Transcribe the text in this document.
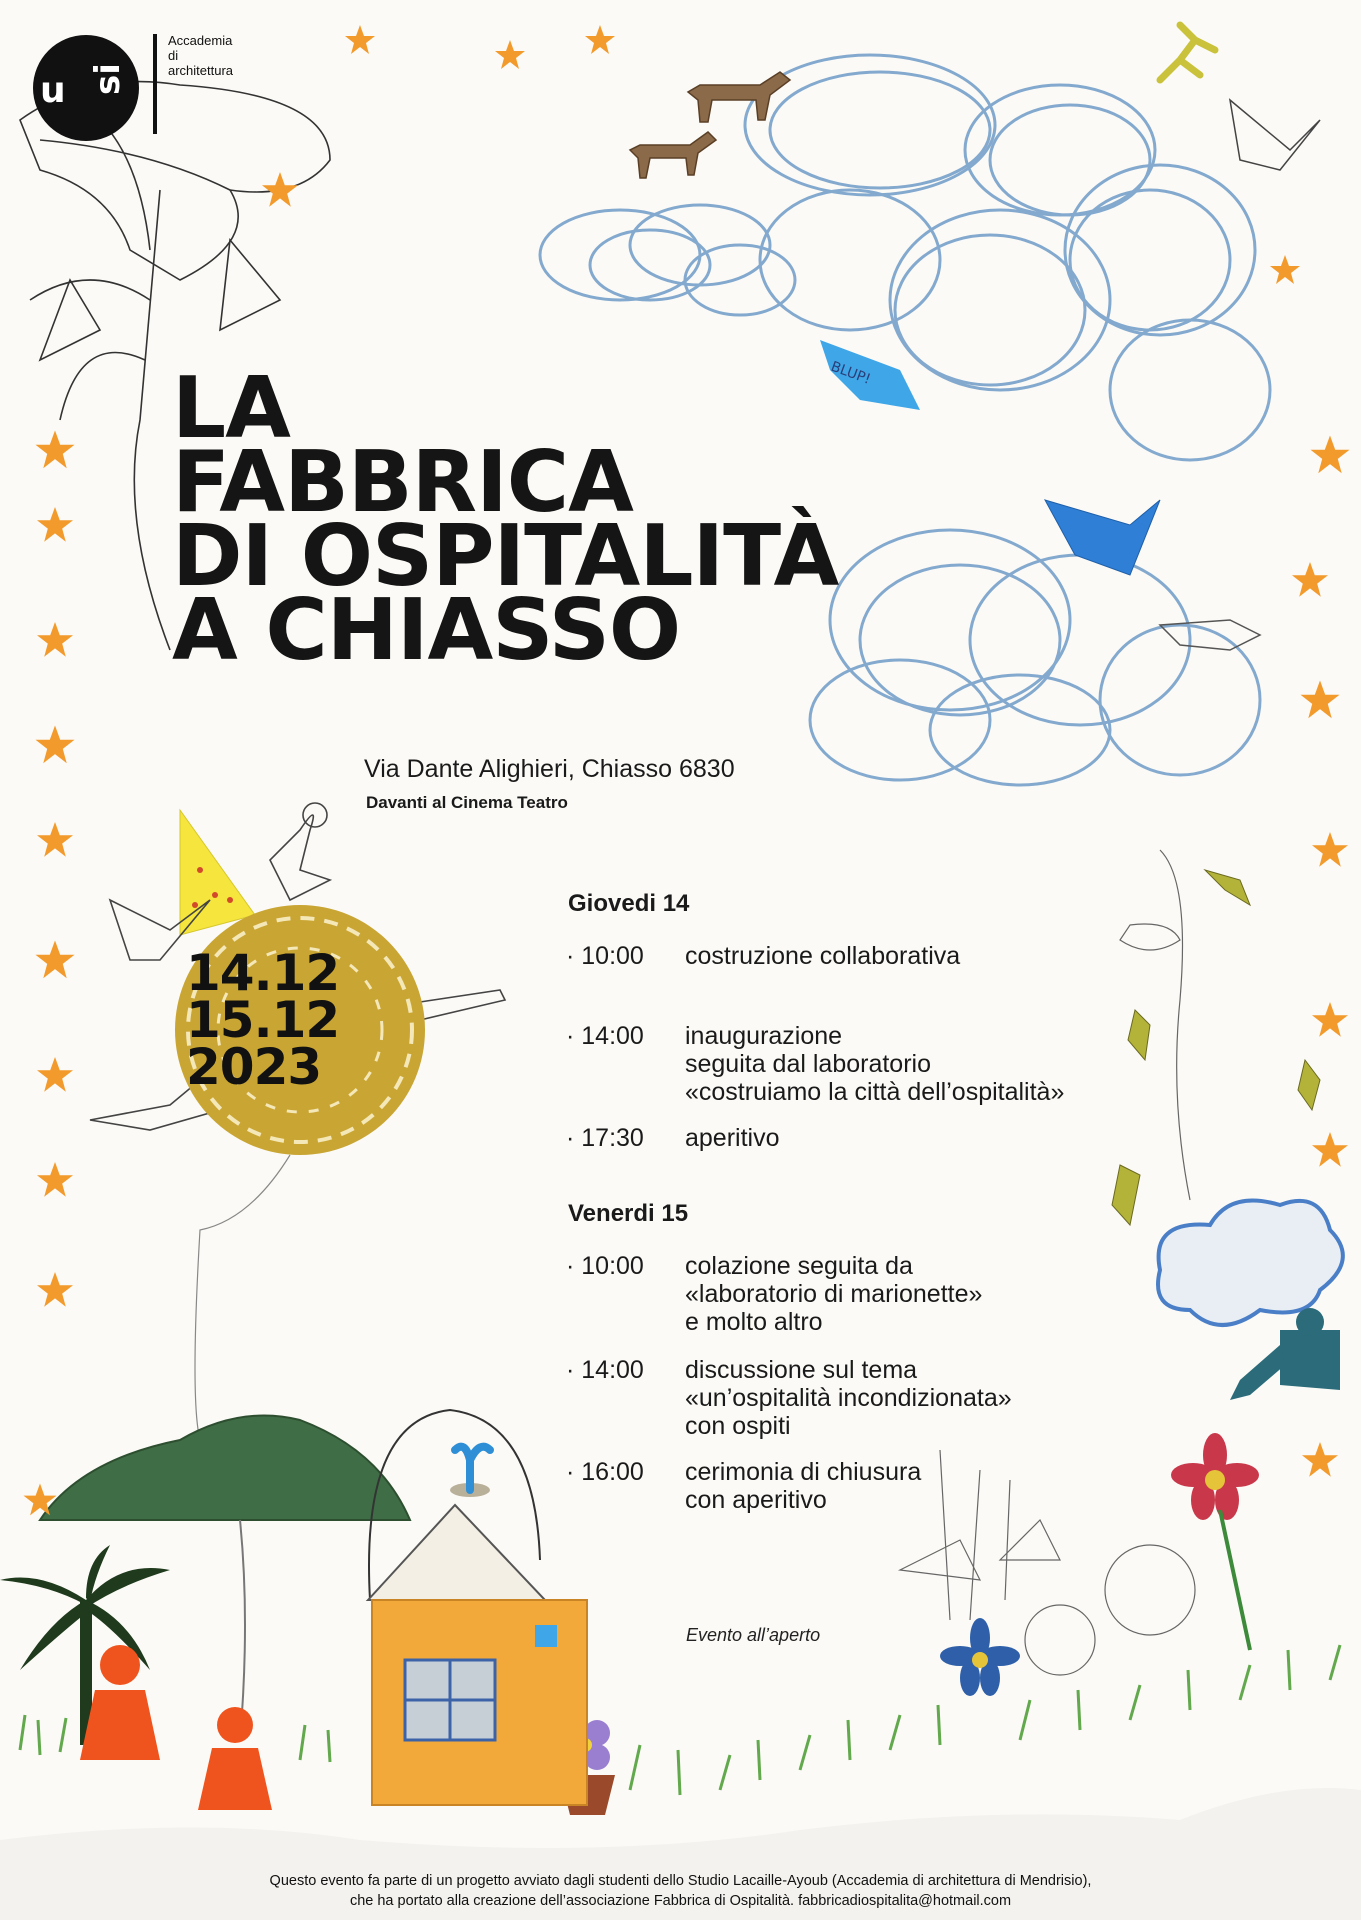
BLUP!
u si
Accademia
di
architettura
LA
FABBRICA
DI OSPITALITÀ
A CHIASSO
Via Dante Alighieri, Chiasso 6830
Davanti al Cinema Teatro
14.12
15.12
2023
Giovedi 14
· 10:00 costruzione collaborativa
· 14:00 inaugurazione
seguita dal laboratorio
«costruiamo la città dell’ospitalità»
· 17:30 aperitivo
Venerdi 15
· 10:00 colazione seguita da
«laboratorio di marionette»
e molto altro
· 14:00 discussione sul tema
«un’ospitalità incondizionata»
con ospiti
· 16:00 cerimonia di chiusura
con aperitivo
Evento all’aperto
Questo evento fa parte di un progetto avviato dagli studenti dello Studio Lacaille-Ayoub (Accademia di architettura di Mendrisio),
che ha portato alla creazione dell’associazione Fabbrica di Ospitalità. fabbricadiospitalita@hotmail.com
